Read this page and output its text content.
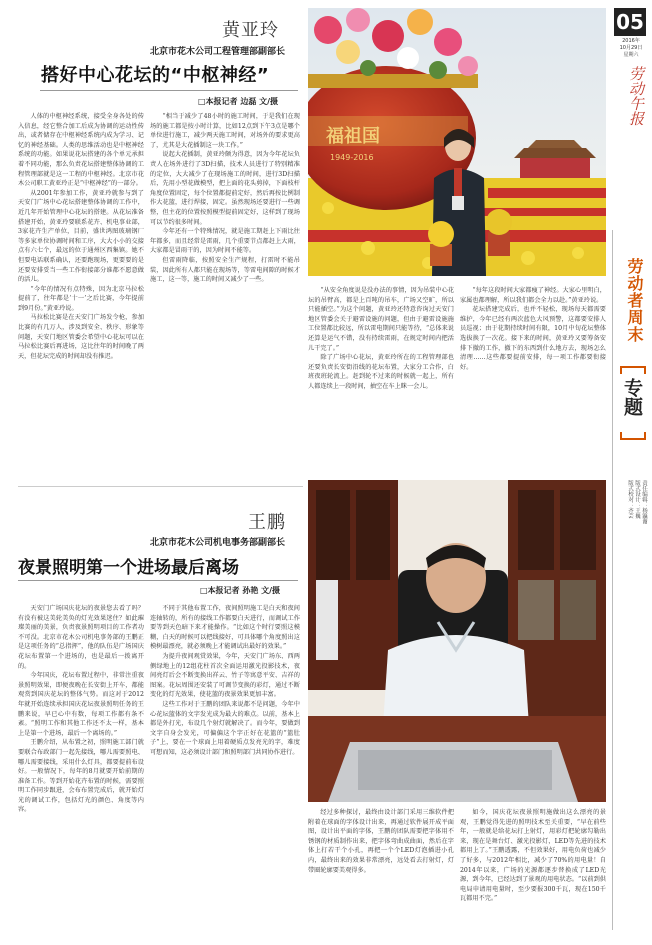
05
2016年
10月29日
星期六
劳动午报
劳动者周末
专题
责任编辑：杨瀛谢
版式设计：王巍
版式校对：齐芸
黄亚玲
北京市花木公司工程管理部副部长
搭好中心花坛的“中枢神经”
□本报记者 边磊 文/摄
福祖国
1949-2016

人体的中枢神经系统，接受全身各处的传入信息，经它整合加工后成为协调的运动性传出，或者储存在中枢神经系统内成为学习、记忆的神经基础。人类的思维活动也是中枢神经系统的功能。如果说花坛搭建的各个单元承担着不同功能，那么负责花坛搭建整体协调的工程管理部就是这一工程的中枢神经。北京市花木公司职工黄亚玲正是“中枢神经”的一部分。

从2001年参加工作，黄亚玲就参与到了天安门广场中心花坛搭建整体协调的工作中，近几年开始管理中心花坛的搭建。从花坛准备搭建开始，黄亚玲要联系花卉、机电事业部，3家花卉生产单位，目前，盛世鸿图玻璃钢厂等多家单位协调时间和工序，大大小小的交接点有六七个，最远的位于通州区西集镇。她不但要电话联系确认，还要跑现场，更要要的是还要安排妥当一些工作衔接部分谁都不愿意做的活儿。

“今年的情况有点特殊，因为北京马拉松提前了，往年都是‘十一’之后比赛，今年提前到9月份。”黄亚玲说。

马拉松比赛是在天安门广场发令枪，参加比赛的有几万人，涉及到安全、秩序、形象等问题，天安门地区管委会希望中心花坛可以在马拉松比赛后再进场，这比往年的时间晚了两天，但花坛完成的时间却没有推迟。

“相当于减少了48小时的施工时间，于是我们在现场的施工都是按小时计算，比如12点到下午3点是哪个单位进行施工，减少两天施工时间，对场外的要求更高了，尤其是大花插制这一块工作。”

说起大花插制，黄亚玲颇为得意，因为今年花坛负责人在场外进行了3D扫描，技术人员进行了特别精准的定位，大大减少了在现场施工的时间，进行3D扫描后，先用小型花做模型，把上面的花头剪掉，下面枝杆角度位置固定，每个位置都提前定好，然后再按比例制作大花篮，进行焊接，固定。虽然现场还要进行一些调整，但主花的位置按照模型提前固定好，这样到了现场可以节约很多时间。

今年还有一个特殊情况，就是施工期赶上下雨比往年都多，而且经常是雷雨，几个重要节点都赶上大雨，大家都是冒雨干的，因为时间不能等。

但雷雨降临，按照安全生产规程，打雷时不能吊装，因此所有人都只能在现场等，等雷电间隙的时候才施工，这一等，施工的时间又减少了一些。

“从安全角度说是没办法的事情，因为吊装中心花坛的吊臂高，都是上百吨的吊车，广场又空旷，所以只能插空。”为这个问题，黄亚玲还特意咨询过天安门地区管委会关于避雷设施的问题，但由于避雷设施施工位置都比较远，所以雷电期间只能等待，“总体来说还算是运气不错，没有持续雷雨，在规定时间内把活儿干完了。”

除了广场中心花坛，黄亚玲所在的工程管理部也还要负责长安街沿线的花坛布置，大家分工合作，白班夜班轮流上。赶到轮不过来的时候就一起上，所有人都连续上一段时间，抽空在车上眯一会儿。

“每年这段时间大家都瘦了神经。大家心里明白，家属也都理解，所以我们都会全力以赴。”黄亚玲说。

花坛搭建完成后，也并不轻松，现场每天都需要维护，今年已经有两次蓝色大风预警，这都要安排人员巡视；由于花期持续时间有限，10月中旬花坛整体选拔换了一次花。接下来的时间，黄亚玲又要筹备安排下撤的工作，撤下的东西到什么地方去，现场怎么清理……这些都要提前安排，每一项工作都要衔接好。

王鹏
北京市花木公司机电事务部副部长
夜景照明第一个进场最后离场
□本报记者 孙艳 文/摄

天安门广场国庆花坛的夜景您去看了吗？有没有被这美轮美奂的灯光效果迷住？如此璀璨美丽的美景，负责夜景照明项目的工作者功不可没。北京市花木公司机电事务部的王鹏正是这项任务的“总指挥”，他的队伍是广场国庆花坛布置第一个进场的，也是最后一拨离开的。

今年国庆，花坛布置过程中，非常注重夜景照明效果，即便夜晚在长安街上开车，都能观赏到国庆花坛的整体气势。而这对于2012年就开始连续承担国庆花坛夜景照明任务的王鹏来说，早已心中有数，每项工作都有条不紊。“照明工作和其他工作还不太一样，基本上是第一个进场，最后一个离场的。”

王鹏介绍，从布置之初，照明施工部门就要联合布政部门一起先接线，哪儿需要照电、哪儿需要接线，采用什么灯具，都要提前布设好。一般情况下，每年的8月就要开始前期的准备工作。等到开始花卉布置的时候，需要照明工作同步跟进，会布布置完成后，就开始灯光的调试工作，包括灯光的颜色、角度等内容。

不同于其他布置工作，夜间照明施工是白天和夜间连轴转的，所有的接线工作都要白天进行，而调试工作要等到天色暗下来才能操作。“比如这个时行要照这模糊，白天的时候可以把线接好，可具体哪个角度照出这模树最漂亮，就必须晚上才能调试出最好的效果。”

为提升夜间观赏效果，今年，天安门广场东、西两侧绿地上的12组花柱首次全面运用激光投影技术，夜间亮灯后会不断变换出祥云、竹子等寓意平安、吉祥的图案。花坛周围还安装了可调节变换的彩灯，通过不断变化的灯光效果，使花篮的夜景效果更加丰富。

这些工作对于王鹏的团队来说都不是问题，今年中心花坛篮体的文字发光成为最大的难点。以前，基本上都是外打光，布设几个射灯就解决了。而今年，要做到文字自身会发光，可偏偏这个字正好在花篮的“篮肚子”上，要在一个球面上用着硬质点发亮光的字，难度可想而知，这必须设计部门和照明部门共同协作进行。

经过多种探讨，最终由设计部门采用三维软件把附着在球面的字体设计出来，再通过软件展开成平面图，设计出平面的字体，王鹏的团队需要把字体用不锈钢的材质制作出来，把字体弯曲成曲面，然后在字体上打若干个小孔，再把一个个LED灯泡插进小孔内，最终出来的效果非常漂亮，远处看去打射灯，灯带圈轮廓要美观得多。

如今，国庆花坛夜景照明施做出这么漂亮的景观，王鹏觉得先进的照明技术至关重要，“早在前些年，一般就是给花坛打上射灯，用彩灯把轮廓勾勒出来，现在是舞台灯、激光投影灯，LED等先进的技术都用上了。”王鹏透露，不但效果好，用电负荷也减少了好多，与2012年相比，减少了70%的用电量！自2014年以来，广场的光源都逐步替换成了LED光源，到今年，已经达到了景观的用电状态。“以前到供电局申请用电量时，至少要报300千瓦，现在150千瓦都用不完。”
